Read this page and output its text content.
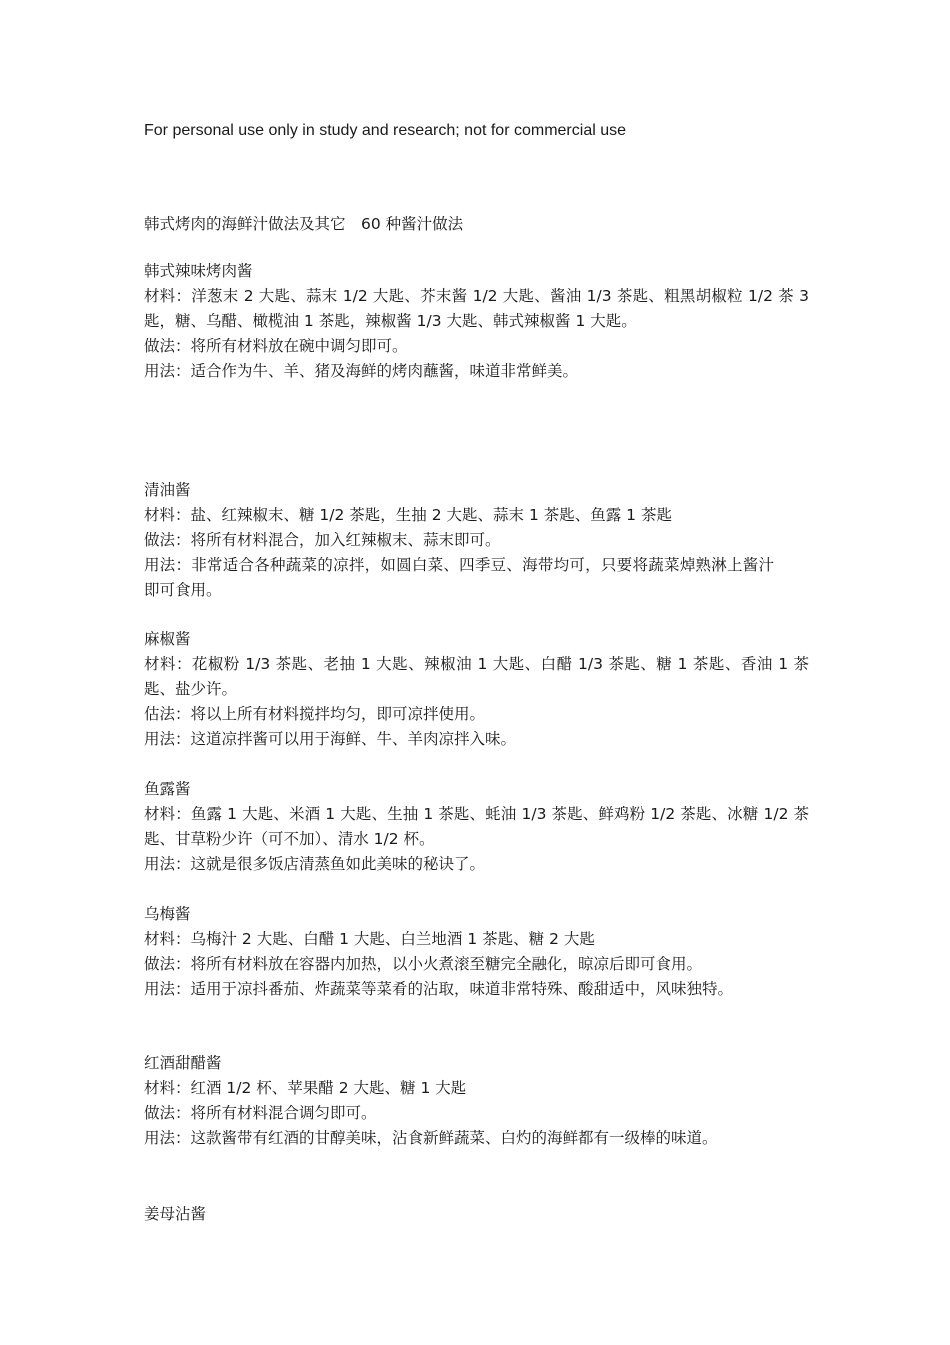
For personal use only in study and research; not for commercial use
韩式烤肉的海鲜汁做法及其它　60 种酱汁做法
韩式辣味烤肉酱

材料：洋葱末 2 大匙、蒜末 1/2 大匙、芥末酱 1/2 大匙、酱油 1/3 茶匙、粗黑胡椒粒 1/2 茶 3 匙，糖、乌醋、橄榄油 1 茶匙，辣椒酱 1/3 大匙、韩式辣椒酱 1 大匙。

做法：将所有材料放在碗中调匀即可。

用法：适合作为牛、羊、猪及海鲜的烤肉蘸酱，味道非常鲜美。

清油酱

材料：盐、红辣椒末、糖 1/2 茶匙，生抽 2 大匙、蒜末 1 茶匙、鱼露 1 茶匙

做法：将所有材料混合，加入红辣椒末、蒜末即可。

用法：非常适合各种蔬菜的凉拌，如圆白菜、四季豆、海带均可，只要将蔬菜焯熟淋上酱汁即可食用。

麻椒酱

材料：花椒粉 1/3 茶匙、老抽 1 大匙、辣椒油 1 大匙、白醋 1/3 茶匙、糖 1 茶匙、香油 1 茶匙、盐少许。

估法：将以上所有材料搅拌均匀，即可凉拌使用。

用法：这道凉拌酱可以用于海鲜、牛、羊肉凉拌入味。

鱼露酱

材料：鱼露 1 大匙、米酒 1 大匙、生抽 1 茶匙、蚝油 1/3 茶匙、鲜鸡粉 1/2 茶匙、冰糖 1/2 茶匙、甘草粉少许（可不加）、清水 1/2 杯。

用法：这就是很多饭店清蒸鱼如此美味的秘诀了。

乌梅酱

材料：乌梅汁 2 大匙、白醋 1 大匙、白兰地酒 1 茶匙、糖 2 大匙

做法：将所有材料放在容器内加热，以小火煮滚至糖完全融化，晾凉后即可食用。

用法：适用于凉抖番茄、炸蔬菜等菜肴的沾取，味道非常特殊、酸甜适中，风味独特。

红酒甜醋酱

材料：红酒 1/2 杯、苹果醋 2 大匙、糖 1 大匙

做法：将所有材料混合调匀即可。

用法：这款酱带有红酒的甘醇美味，沾食新鲜蔬菜、白灼的海鲜都有一级棒的味道。

姜母沾酱
